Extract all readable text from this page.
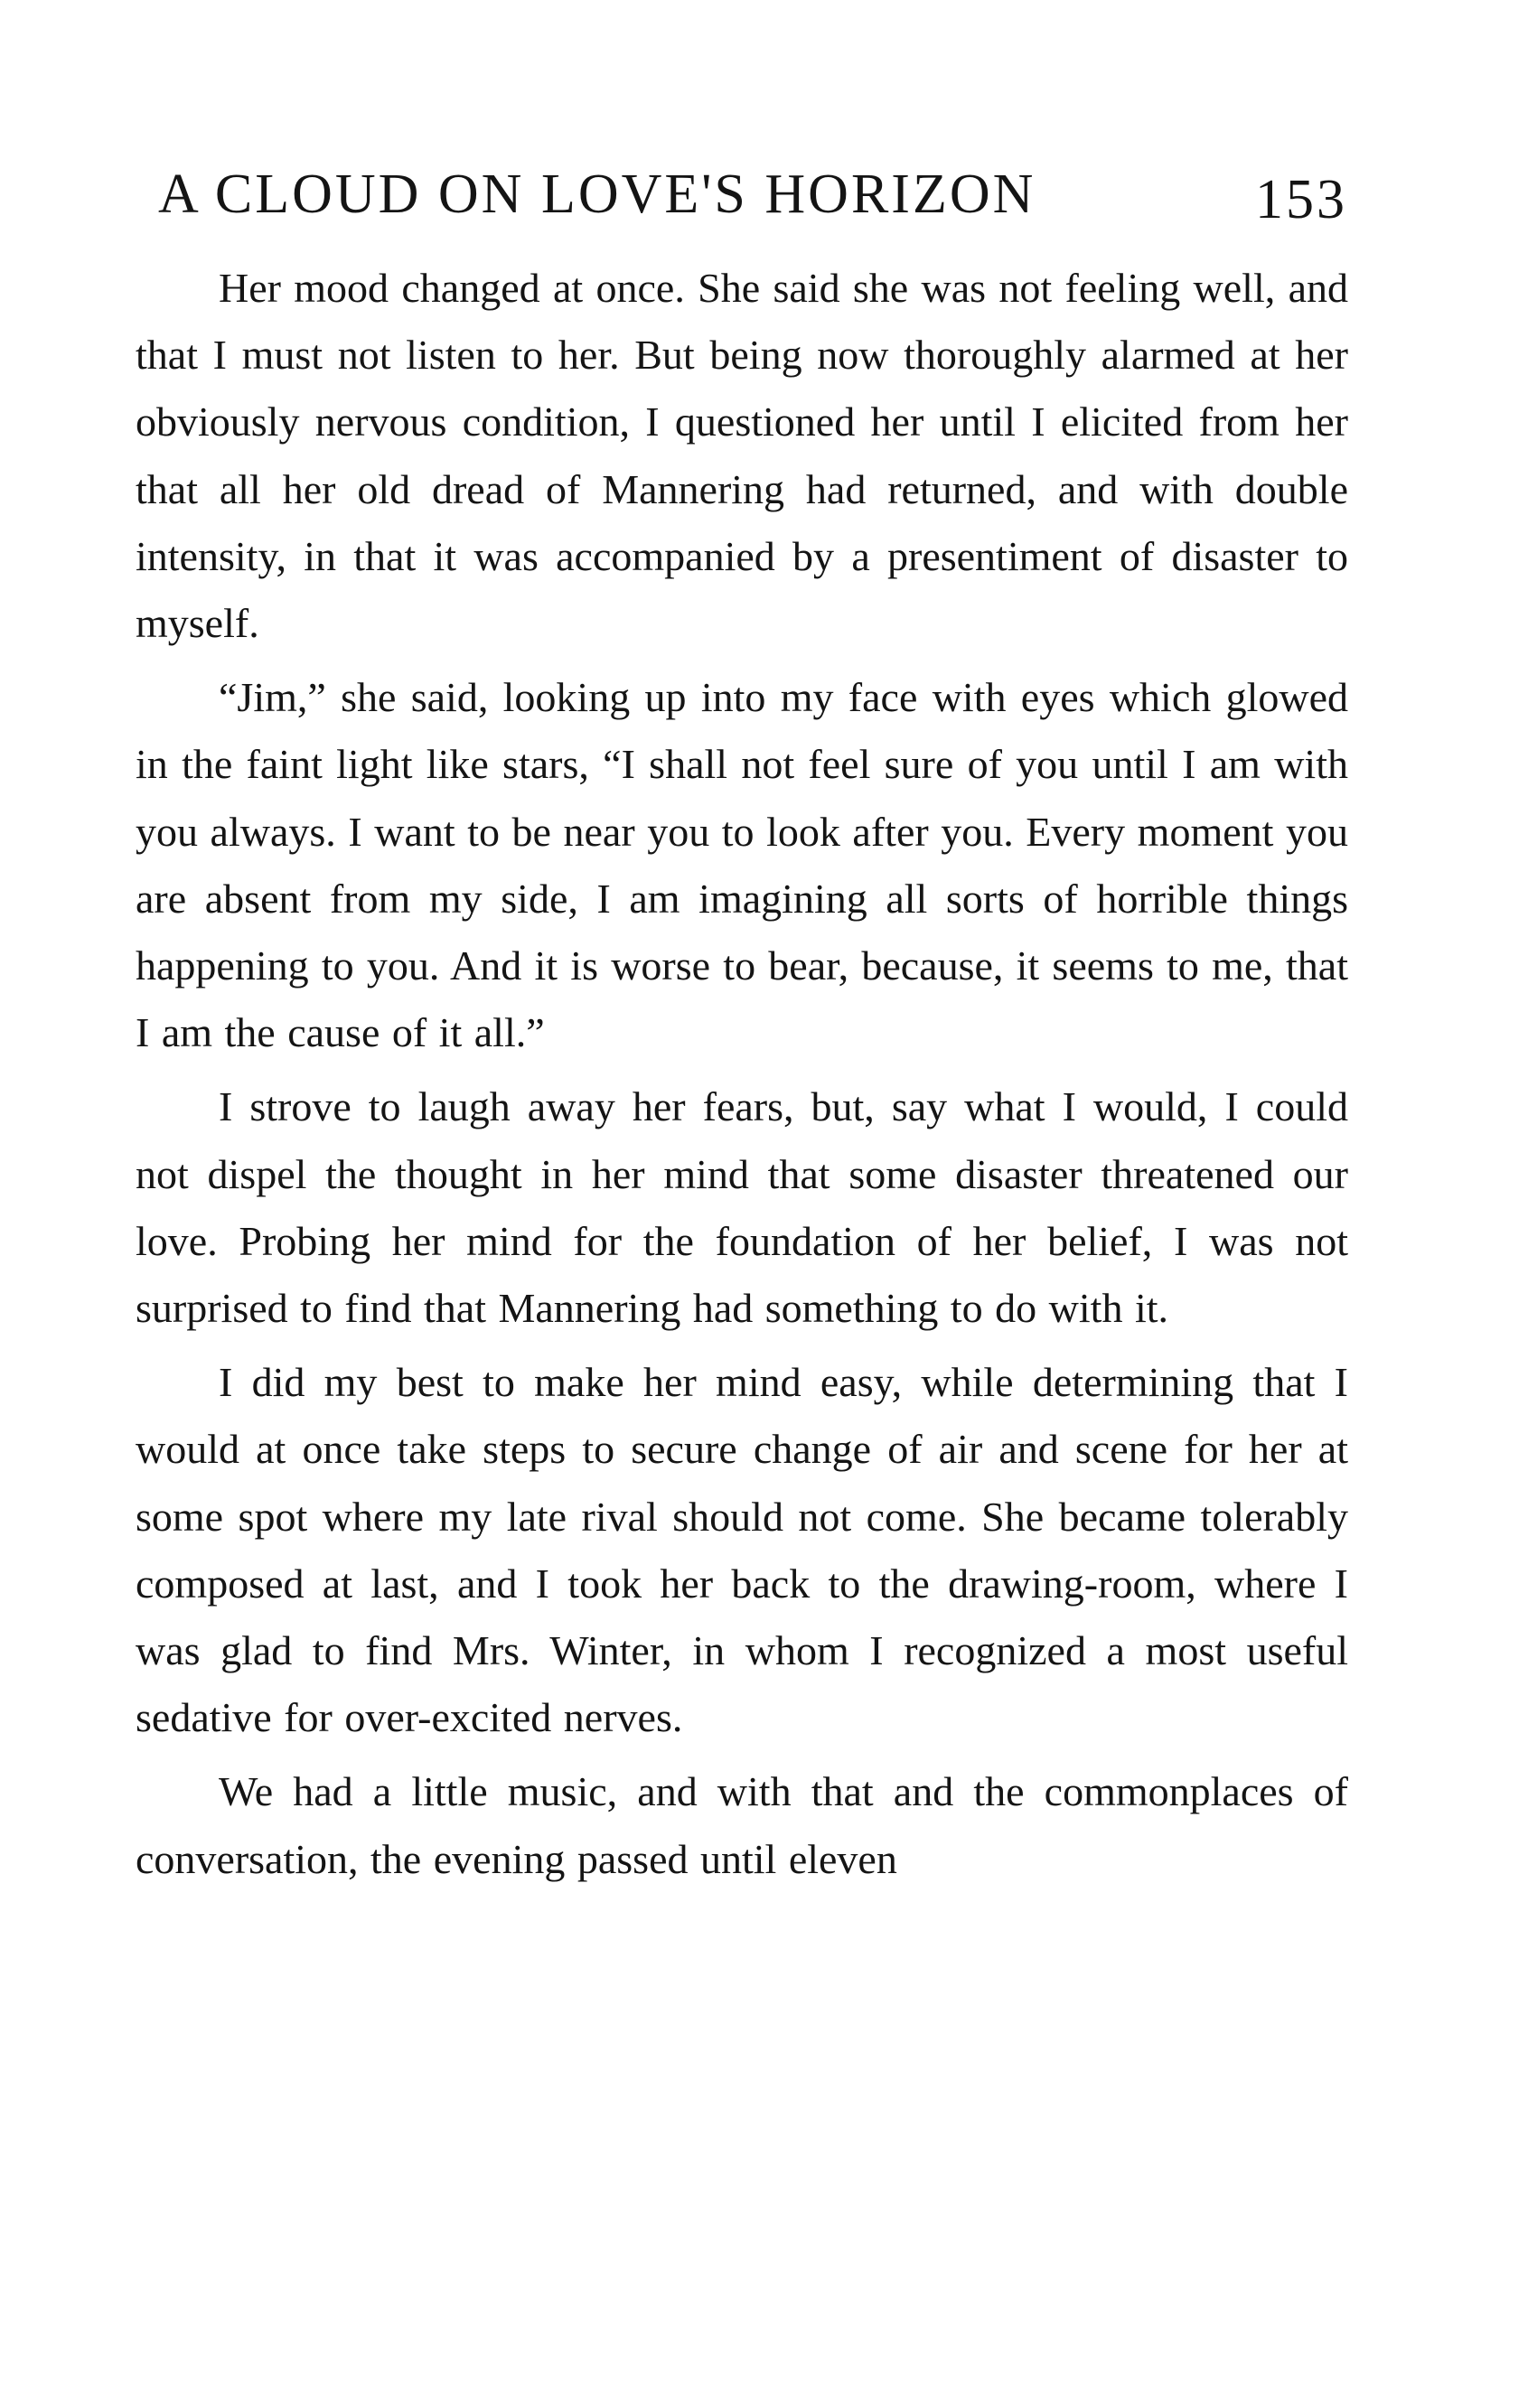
A CLOUD ON LOVE'S HORIZON	153

Her mood changed at once. She said she was not feeling well, and that I must not listen to her. But being now thoroughly alarmed at her obviously nervous condition, I questioned her until I elicited from her that all her old dread of Mannering had returned, and with double intensity, in that it was accompanied by a presentiment of disaster to myself.

“Jim,” she said, looking up into my face with eyes which glowed in the faint light like stars, “I shall not feel sure of you until I am with you always. I want to be near you to look after you. Every moment you are absent from my side, I am imagining all sorts of horrible things happening to you. And it is worse to bear, because, it seems to me, that I am the cause of it all.”

I strove to laugh away her fears, but, say what I would, I could not dispel the thought in her mind that some disaster threatened our love. Probing her mind for the foundation of her belief, I was not surprised to find that Mannering had something to do with it.

I did my best to make her mind easy, while determining that I would at once take steps to secure change of air and scene for her at some spot where my late rival should not come. She became tolerably composed at last, and I took her back to the drawing-room, where I was glad to find Mrs. Winter, in whom I recognized a most useful sedative for over-excited nerves.

We had a little music, and with that and the commonplaces of conversation, the evening passed until eleven
